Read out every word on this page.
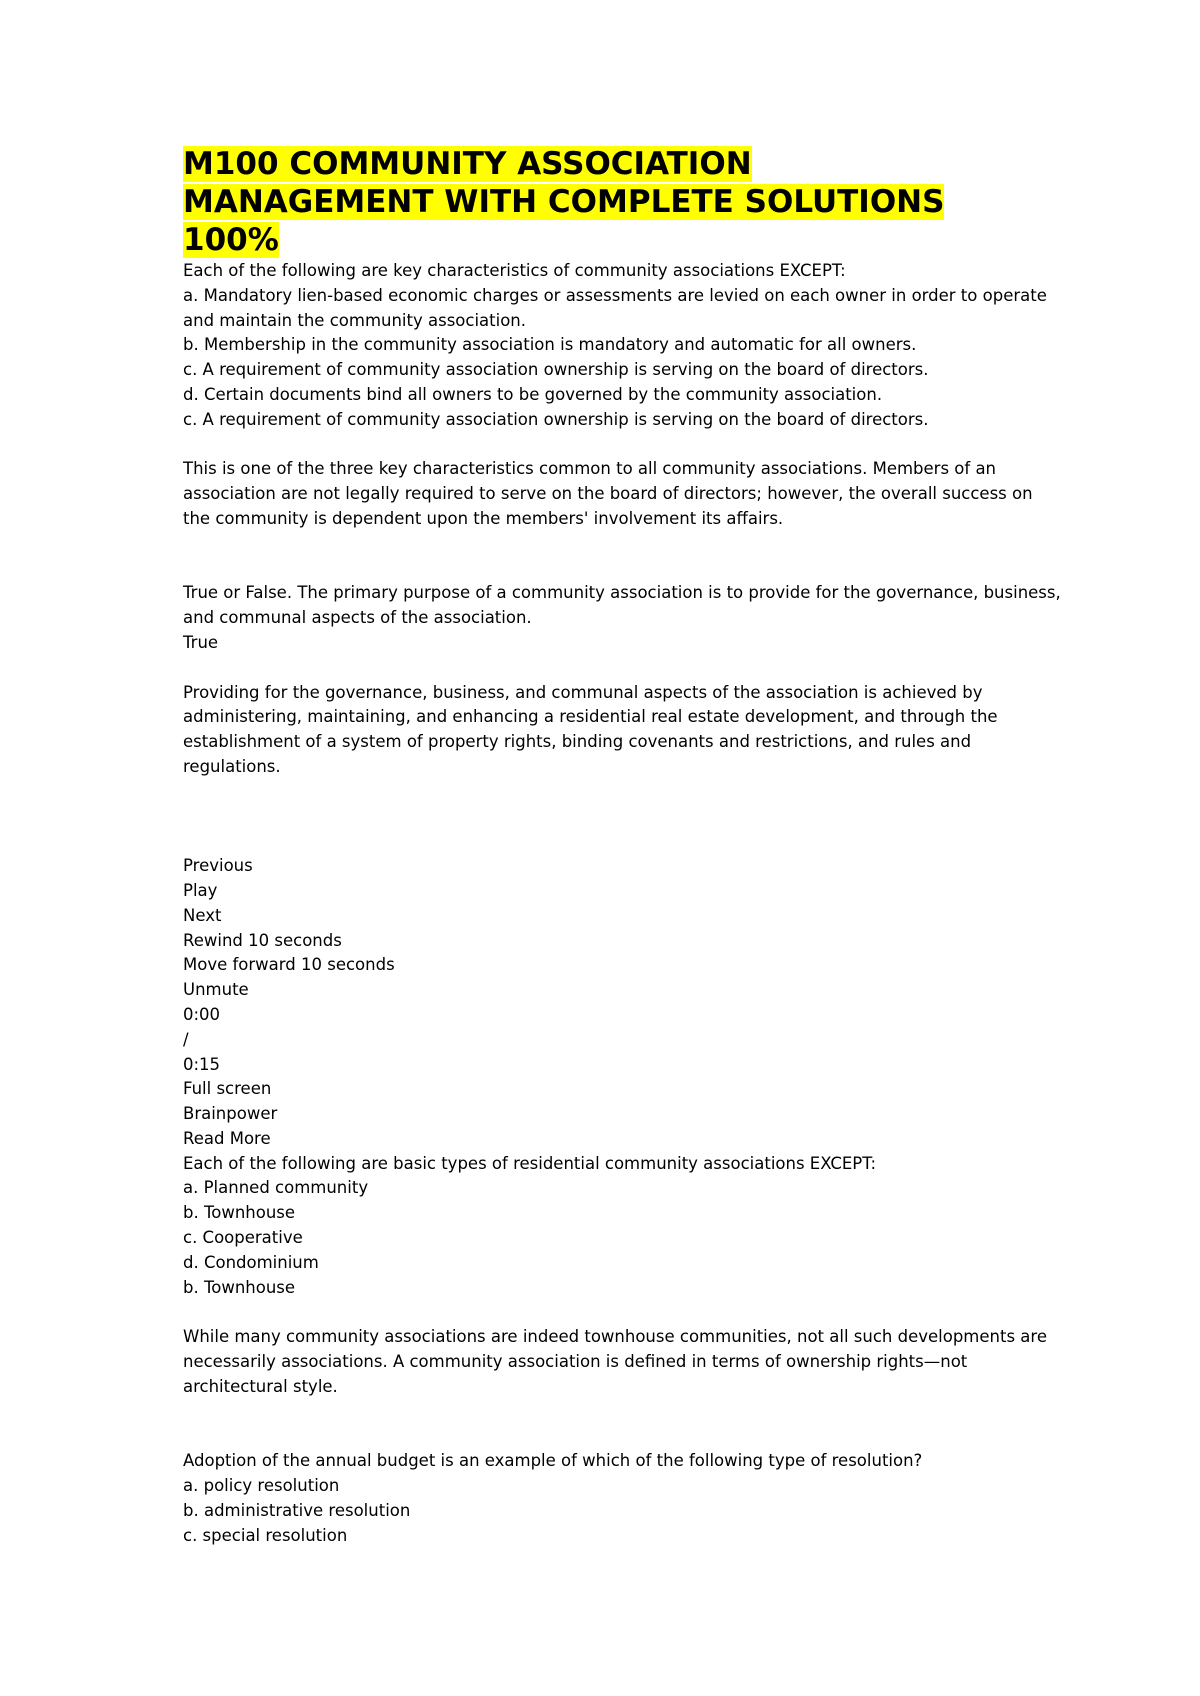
M100 COMMUNITY ASSOCIATION
MANAGEMENT WITH COMPLETE SOLUTIONS
100%
Each of the following are key characteristics of community associations EXCEPT:
a. Mandatory lien-based economic charges or assessments are levied on each owner in order to operate and maintain the community association.
b. Membership in the community association is mandatory and automatic for all owners.
c. A requirement of community association ownership is serving on the board of directors.
d. Certain documents bind all owners to be governed by the community association.
c. A requirement of community association ownership is serving on the board of directors.
This is one of the three key characteristics common to all community associations. Members of an association are not legally required to serve on the board of directors; however, the overall success on the community is dependent upon the members' involvement its affairs.
True or False. The primary purpose of a community association is to provide for the governance, business, and communal aspects of the association.
True
Providing for the governance, business, and communal aspects of the association is achieved by administering, maintaining, and enhancing a residential real estate development, and through the establishment of a system of property rights, binding covenants and restrictions, and rules and regulations.
Previous
Play
Next
Rewind 10 seconds
Move forward 10 seconds
Unmute
0:00
/
0:15
Full screen
Brainpower
Read More
Each of the following are basic types of residential community associations EXCEPT:
a. Planned community
b. Townhouse
c. Cooperative
d. Condominium
b. Townhouse
While many community associations are indeed townhouse communities, not all such developments are necessarily associations. A community association is defined in terms of ownership rights—not architectural style.
Adoption of the annual budget is an example of which of the following type of resolution?
a. policy resolution
b. administrative resolution
c. special resolution
